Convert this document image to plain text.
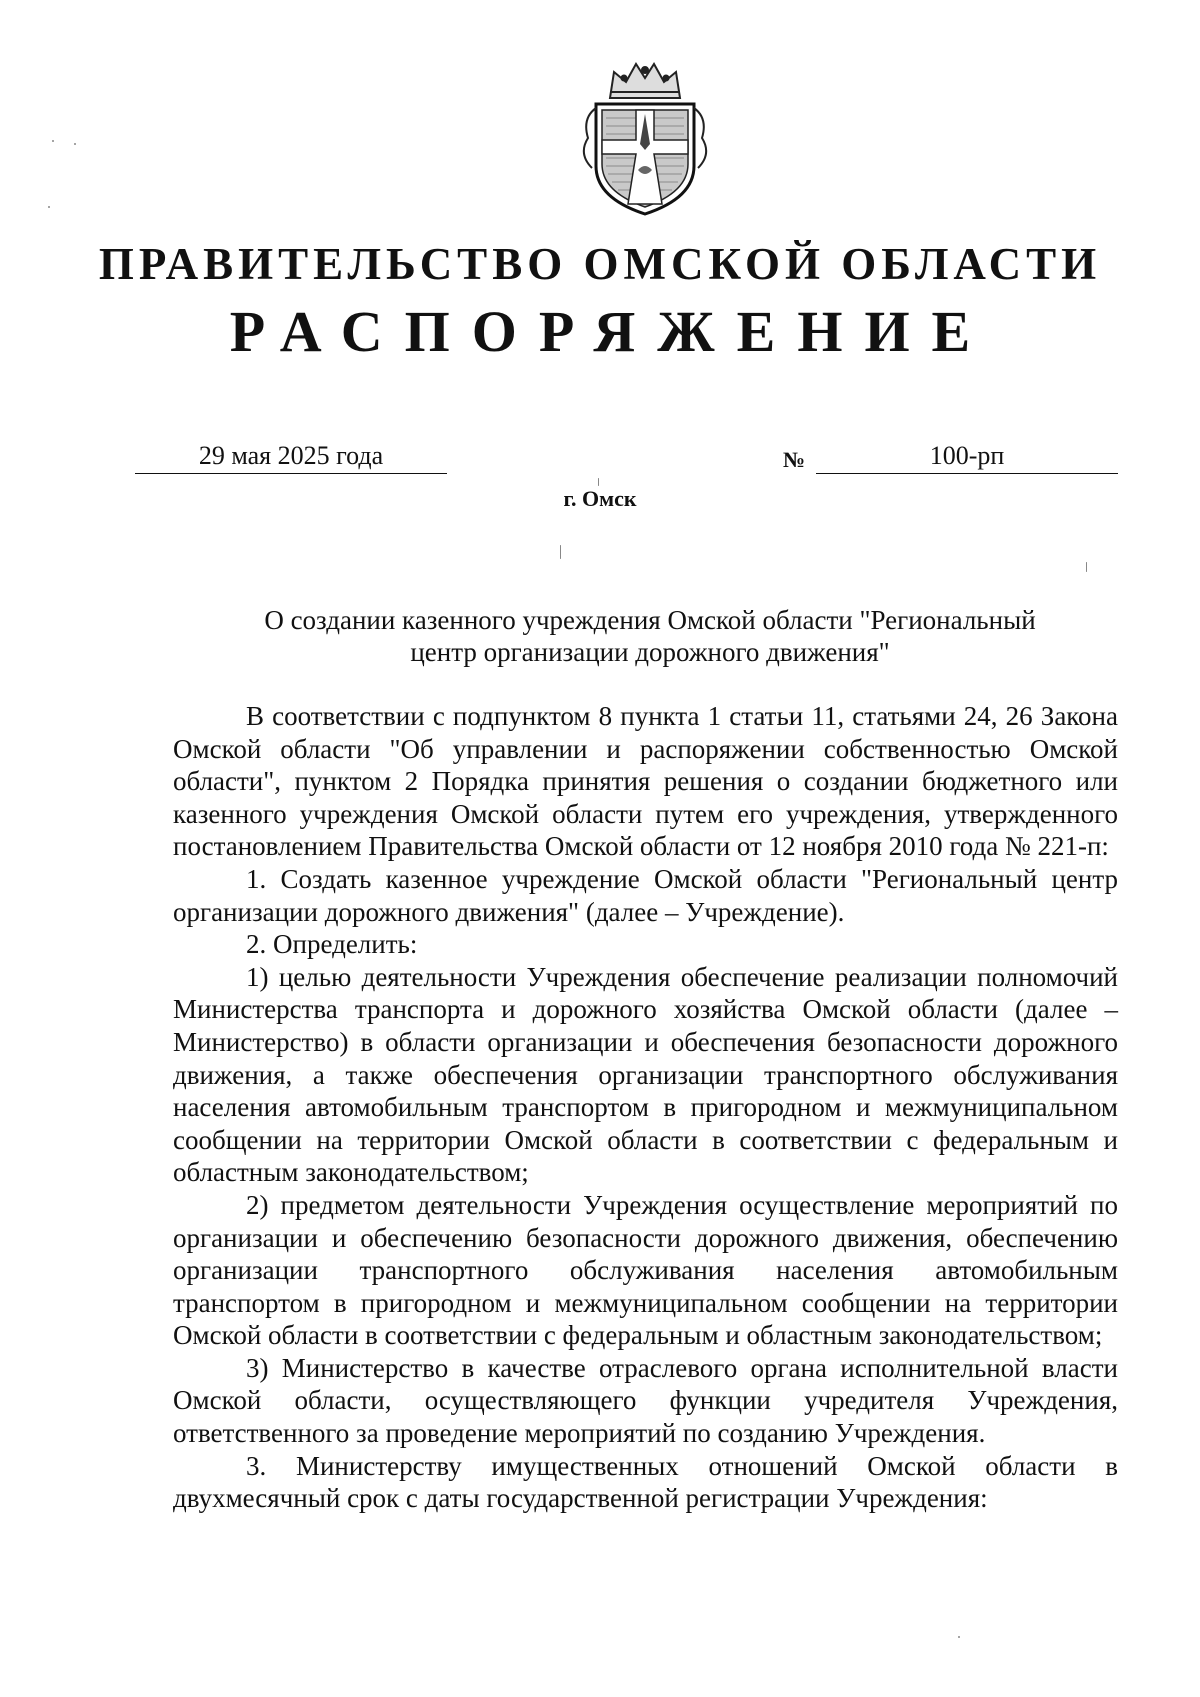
ПРАВИТЕЛЬСТВО ОМСКОЙ ОБЛАСТИ
РАСПОРЯЖЕНИЕ
29 мая 2025 года	№	100-рп
г. Омск
О создании казенного учреждения Омской области "Региональный
центр организации дорожного движения"

В соответствии с подпунктом 8 пункта 1 статьи 11, статьями 24, 26 Закона Омской области "Об управлении и распоряжении собственностью Омской области", пунктом 2 Порядка принятия решения о создании бюджетного или казенного учреждения Омской области путем его учреждения, утвержденного постановлением Правительства Омской области от 12 ноября 2010 года № 221-п:

1. Создать казенное учреждение Омской области "Региональный центр организации дорожного движения" (далее – Учреждение).

2. Определить:

1) целью деятельности Учреждения обеспечение реализации полномочий Министерства транспорта и дорожного хозяйства Омской области (далее – Министерство) в области организации и обеспечения безопасности дорожного движения, а также обеспечения организации транспортного обслуживания населения автомобильным транспортом в пригородном и межмуниципальном сообщении на территории Омской области в соответствии с федеральным и областным законодательством;

2) предметом деятельности Учреждения осуществление мероприятий по организации и обеспечению безопасности дорожного движения, обеспечению организации транспортного обслуживания населения автомобильным транспортом в пригородном и межмуниципальном сообщении на территории Омской области в соответствии с федеральным и областным законодательством;

3) Министерство в качестве отраслевого органа исполнительной власти Омской области, осуществляющего функции учредителя Учреждения, ответственного за проведение мероприятий по созданию Учреждения.

3. Министерству имущественных отношений Омской области в двухмесячный срок с даты государственной регистрации Учреждения:
